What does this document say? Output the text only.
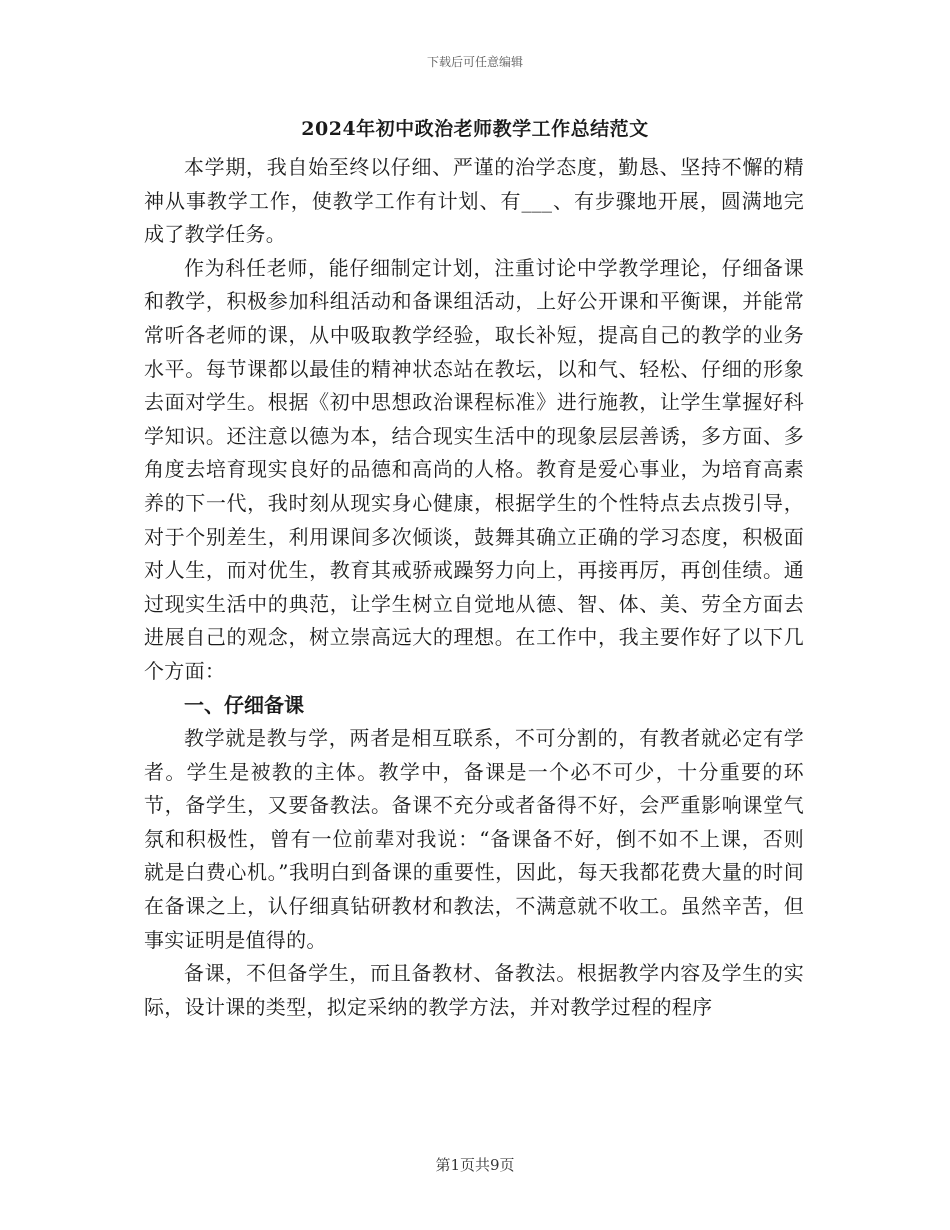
下载后可任意编辑
2024年初中政治老师教学工作总结范文

本学期，我自始至终以仔细、严谨的治学态度，勤恳、坚持不懈的精神从事教学工作，使教学工作有计划、有___、有步骤地开展，圆满地完成了教学任务。

作为科任老师，能仔细制定计划，注重讨论中学教学理论，仔细备课和教学，积极参加科组活动和备课组活动，上好公开课和平衡课，并能常常听各老师的课，从中吸取教学经验，取长补短，提高自己的教学的业务水平。每节课都以最佳的精神状态站在教坛，以和气、轻松、仔细的形象去面对学生。根据《初中思想政治课程标准》进行施教，让学生掌握好科学知识。还注意以德为本，结合现实生活中的现象层层善诱，多方面、多角度去培育现实良好的品德和高尚的人格。教育是爱心事业，为培育高素养的下一代，我时刻从现实身心健康，根据学生的个性特点去点拨引导，对于个别差生，利用课间多次倾谈，鼓舞其确立正确的学习态度，积极面对人生，而对优生，教育其戒骄戒躁努力向上，再接再厉，再创佳绩。通过现实生活中的典范，让学生树立自觉地从德、智、体、美、劳全方面去进展自己的观念，树立崇高远大的理想。在工作中，我主要作好了以下几个方面：

一、仔细备课

教学就是教与学，两者是相互联系，不可分割的，有教者就必定有学者。学生是被教的主体。教学中，备课是一个必不可少，十分重要的环节，备学生，又要备教法。备课不充分或者备得不好，会严重影响课堂气氛和积极性，曾有一位前辈对我说：“备课备不好，倒不如不上课，否则就是白费心机。”我明白到备课的重要性，因此，每天我都花费大量的时间在备课之上，认仔细真钻研教材和教法，不满意就不收工。虽然辛苦，但事实证明是值得的。

备课，不但备学生，而且备教材、备教法。根据教学内容及学生的实际，设计课的类型，拟定采纳的教学方法，并对教学过程的程序

第1页共9页
